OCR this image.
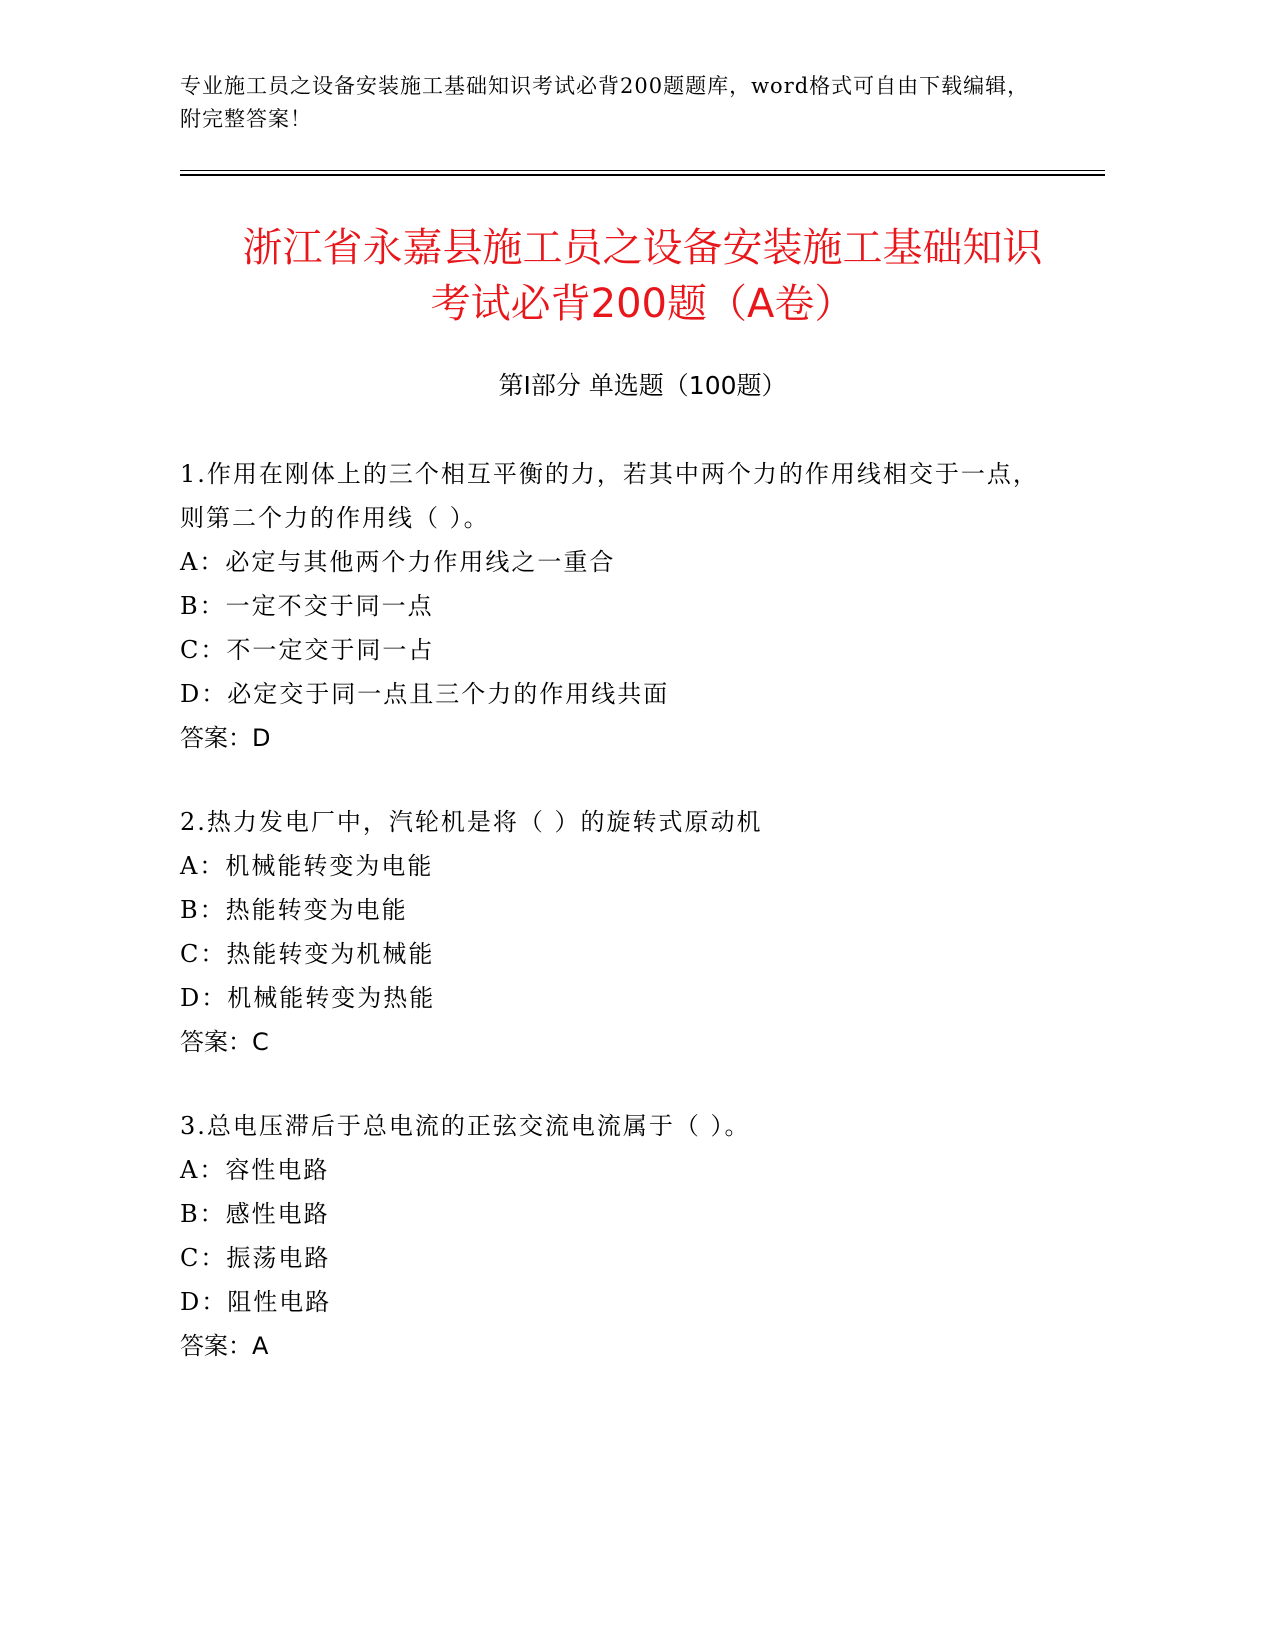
专业施工员之设备安装施工基础知识考试必背200题题库，word格式可自由下载编辑，附完整答案！
浙江省永嘉县施工员之设备安装施工基础知识考试必背200题（A卷）
第Ⅰ部分 单选题（100题）

1.作用在刚体上的三个相互平衡的力，若其中两个力的作用线相交于一点，则第二个力的作用线（ ）。

A：必定与其他两个力作用线之一重合

B：一定不交于同一点

C：不一定交于同一占

D：必定交于同一点且三个力的作用线共面

答案：D

2.热力发电厂中，汽轮机是将（ ）的旋转式原动机

A：机械能转变为电能

B：热能转变为电能

C：热能转变为机械能

D：机械能转变为热能

答案：C

3.总电压滞后于总电流的正弦交流电流属于（ ）。

A：容性电路

B：感性电路

C：振荡电路

D：阻性电路

答案：A
